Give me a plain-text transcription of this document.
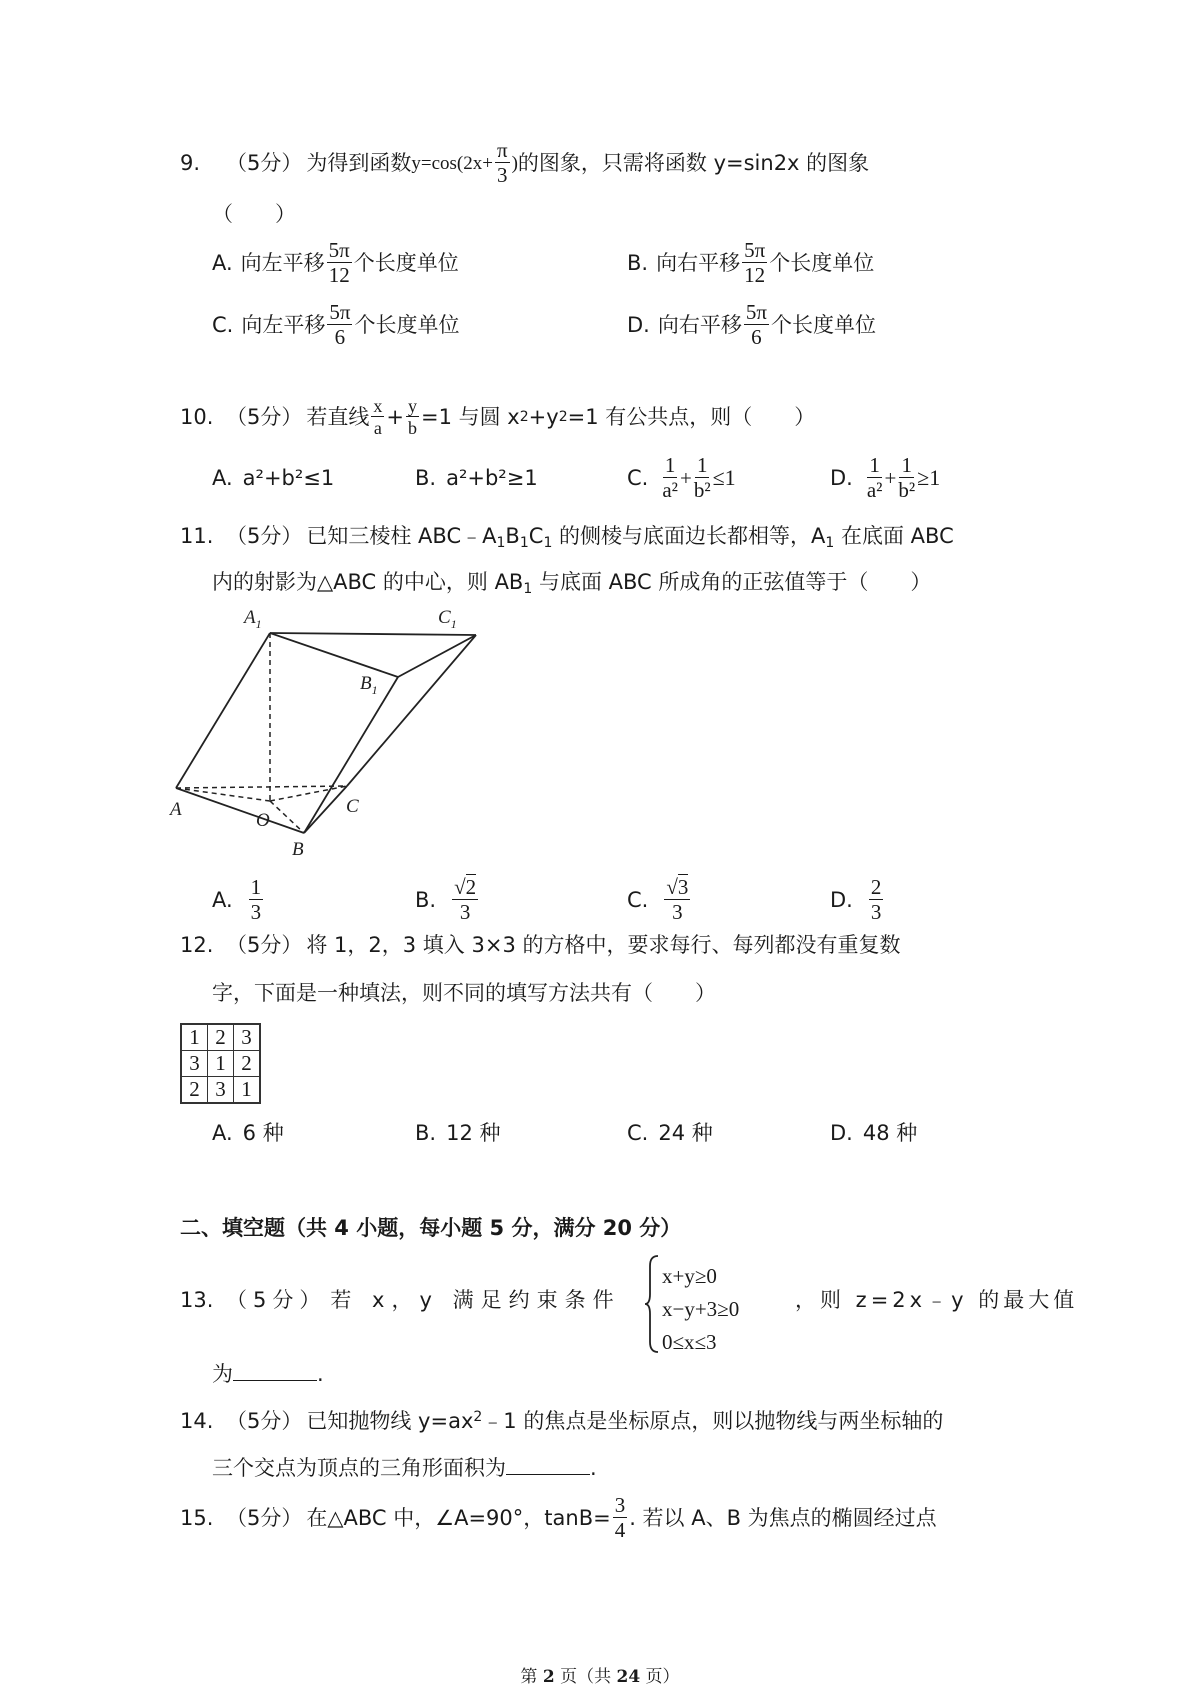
9.	（5分） 为得到函数 $y=\cos(2x+ \frac{\pi}{3}$ ) 的图象，只需将函数 y=sin2x 的图象
（　　）
A. 向左平移 $\frac{5\pi}{12}$ 个长度单位	B. 向右平移 $\frac{5\pi}{12}$ 个长度单位
C. 向左平移 $\frac{5\pi}{6}$ 个长度单位	D. 向右平移 $\frac{5\pi}{6}$ 个长度单位
10. （5分） 若直线 $\frac{x}{a} + \frac{y}{b} =1$ 与圆 x 2 +y 2 =1 有公共点，则（　　）
A. a²+b²≤1	B. a²+b²≥1	C. $\frac{1}{\text{a²}} + \frac{1}{\text{b²}} \le 1$	D. $\frac{1}{\text{a²}} + \frac{1}{\text{b²}} \ge 1$
11. （5分） 已知三棱柱 $ABC﹣A_1B_1C_1$ 的侧棱与底面边长都相等，$A_1$ 在底面 ABC
内的射影为△ABC 的中心，则 $AB_1$ 与底面 ABC 所成角的正弦值等于（　　）
$A_1$	$C_1$
$B_1$
A	C
O
B
A. $\frac{1}{3}$	B. $\frac{√2}{3}$	C. $\frac{√3}{3}$	D. $\frac{2}{3}$
12. （5分） 将 1，2，3 填入 3×3 的方格中，要求每行、每列都没有重复数
字，下面是一种填法，则不同的填写方法共有（　　）
1	2	3
3	1	2
2	3	1
A. 6 种	B. 12 种	C. 24 种	D. 48 种
二、填空题（共 4 小题，每小题 5 分，满分 20 分）
13. （5分） 若 x，y 满足约束条件
x+y≥0
x−y+3≥0
0≤x≤3
，则 z=2x﹣y 的最大值
为	.
14. （5分） 已知抛物线 $y=ax^2﹣1$ 的焦点是坐标原点，则以抛物线与两坐标轴的
三个交点为顶点的三角形面积为	.
15. （5分） 在△ABC 中，∠A=90°，$\tan B= \frac{3}{4}$ . 若以 A、B 为焦点的椭圆经过点
第 2 页（共 24 页）
